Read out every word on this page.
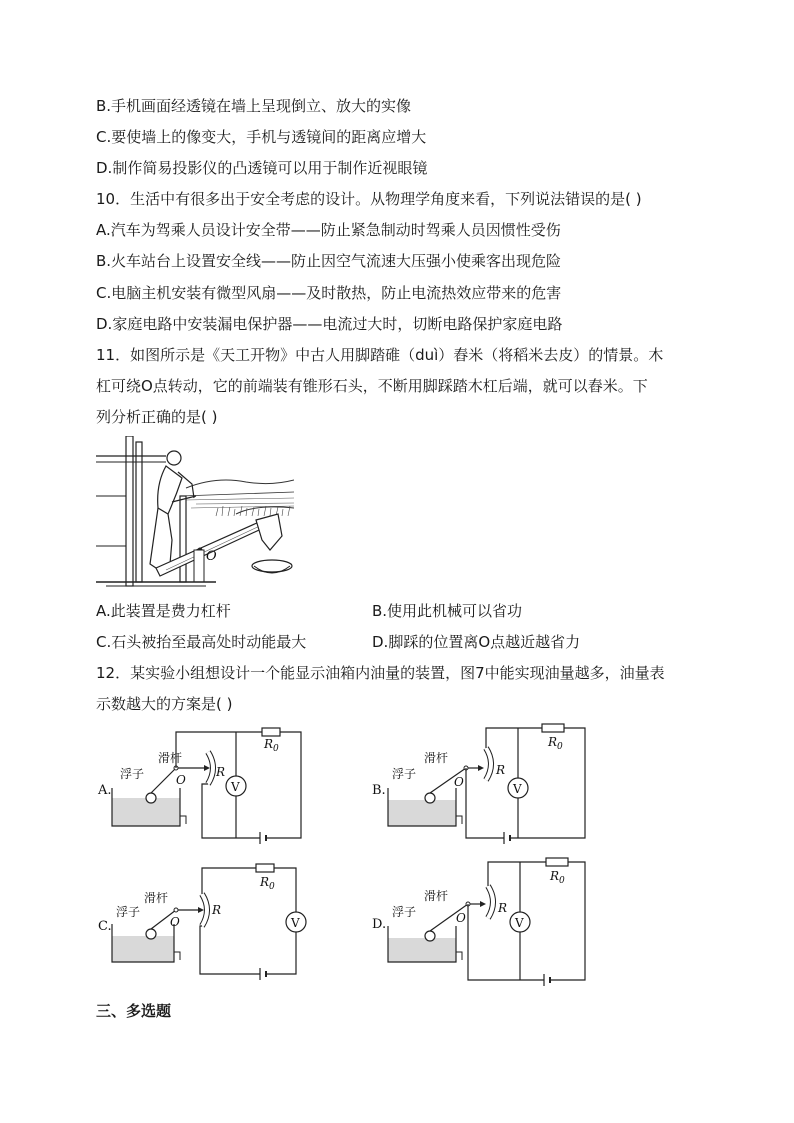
B.手机画面经透镜在墙上呈现倒立、放大的实像
C.要使墙上的像变大，手机与透镜间的距离应增大
D.制作简易投影仪的凸透镜可以用于制作近视眼镜
10．生活中有很多出于安全考虑的设计。从物理学角度来看，下列说法错误的是( )
A.汽车为驾乘人员设计安全带——防止紧急制动时驾乘人员因惯性受伤
B.火车站台上设置安全线——防止因空气流速大压强小使乘客出现危险
C.电脑主机安装有微型风扇——及时散热，防止电流热效应带来的危害
D.家庭电路中安装漏电保护器——电流过大时，切断电路保护家庭电路
11．如图所示是《天工开物》中古人用脚踏碓（duì）舂米（将稻米去皮）的情景。木
杠可绕O点转动，它的前端装有锥形石头，不断用脚踩踏木杠后端，就可以舂米。下
列分析正确的是( )
O
A.此装置是费力杠杆	B.使用此机械可以省功
C.石头被抬至最高处时动能最大	D.脚踩的位置离O点越近越省力
12．某实验小组想设计一个能显示油箱内油量的装置，图7中能实现油量越多，油量表
示数越大的方案是( )
A.
浮子
滑杆
O
R
$R_0$
V	B.
浮子
滑杆
O
R
$R_0$
V
C.
浮子
滑杆
O
R
$R_0$
V	D.
浮子
滑杆
O
R
$R_0$
V
三、多选题
